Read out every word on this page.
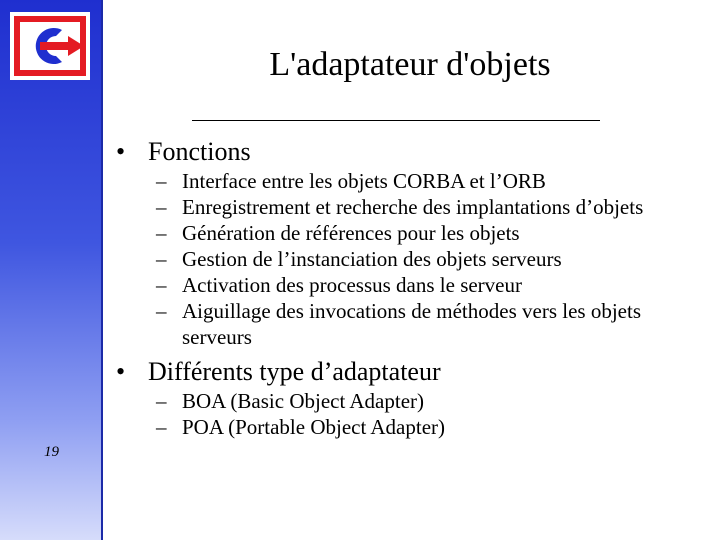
19
L'adaptateur d'objets
• Fonctions
– Interface entre les objets CORBA et l’ORB
– Enregistrement et recherche des implantations d’objets
– Génération de références pour les objets
– Gestion de l’instanciation des objets serveurs
– Activation des processus dans le serveur
– Aiguillage des invocations de méthodes vers les objets serveurs
• Différents type d’adaptateur
– BOA (Basic Object Adapter)
– POA (Portable Object Adapter)
